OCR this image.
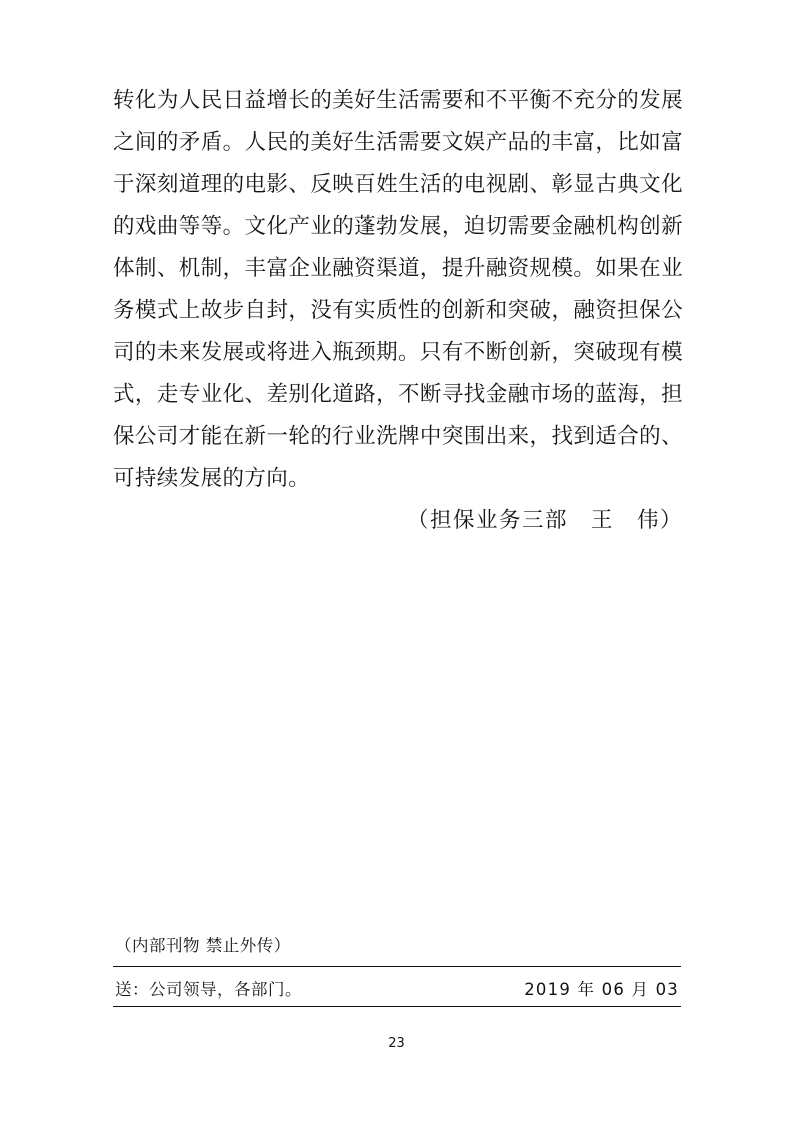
转化为人民日益增长的美好生活需要和不平衡不充分的发展之间的矛盾。人民的美好生活需要文娱产品的丰富，比如富于深刻道理的电影、反映百姓生活的电视剧、彰显古典文化的戏曲等等。文化产业的蓬勃发展，迫切需要金融机构创新体制、机制，丰富企业融资渠道，提升融资规模。如果在业务模式上故步自封，没有实质性的创新和突破，融资担保公司的未来发展或将进入瓶颈期。只有不断创新，突破现有模式，走专业化、差别化道路，不断寻找金融市场的蓝海，担保公司才能在新一轮的行业洗牌中突围出来，找到适合的、可持续发展的方向。
（担保业务三部　王　伟）
（内部刊物 禁止外传）
送：公司领导，各部门。	2019 年 06 月 03
23
